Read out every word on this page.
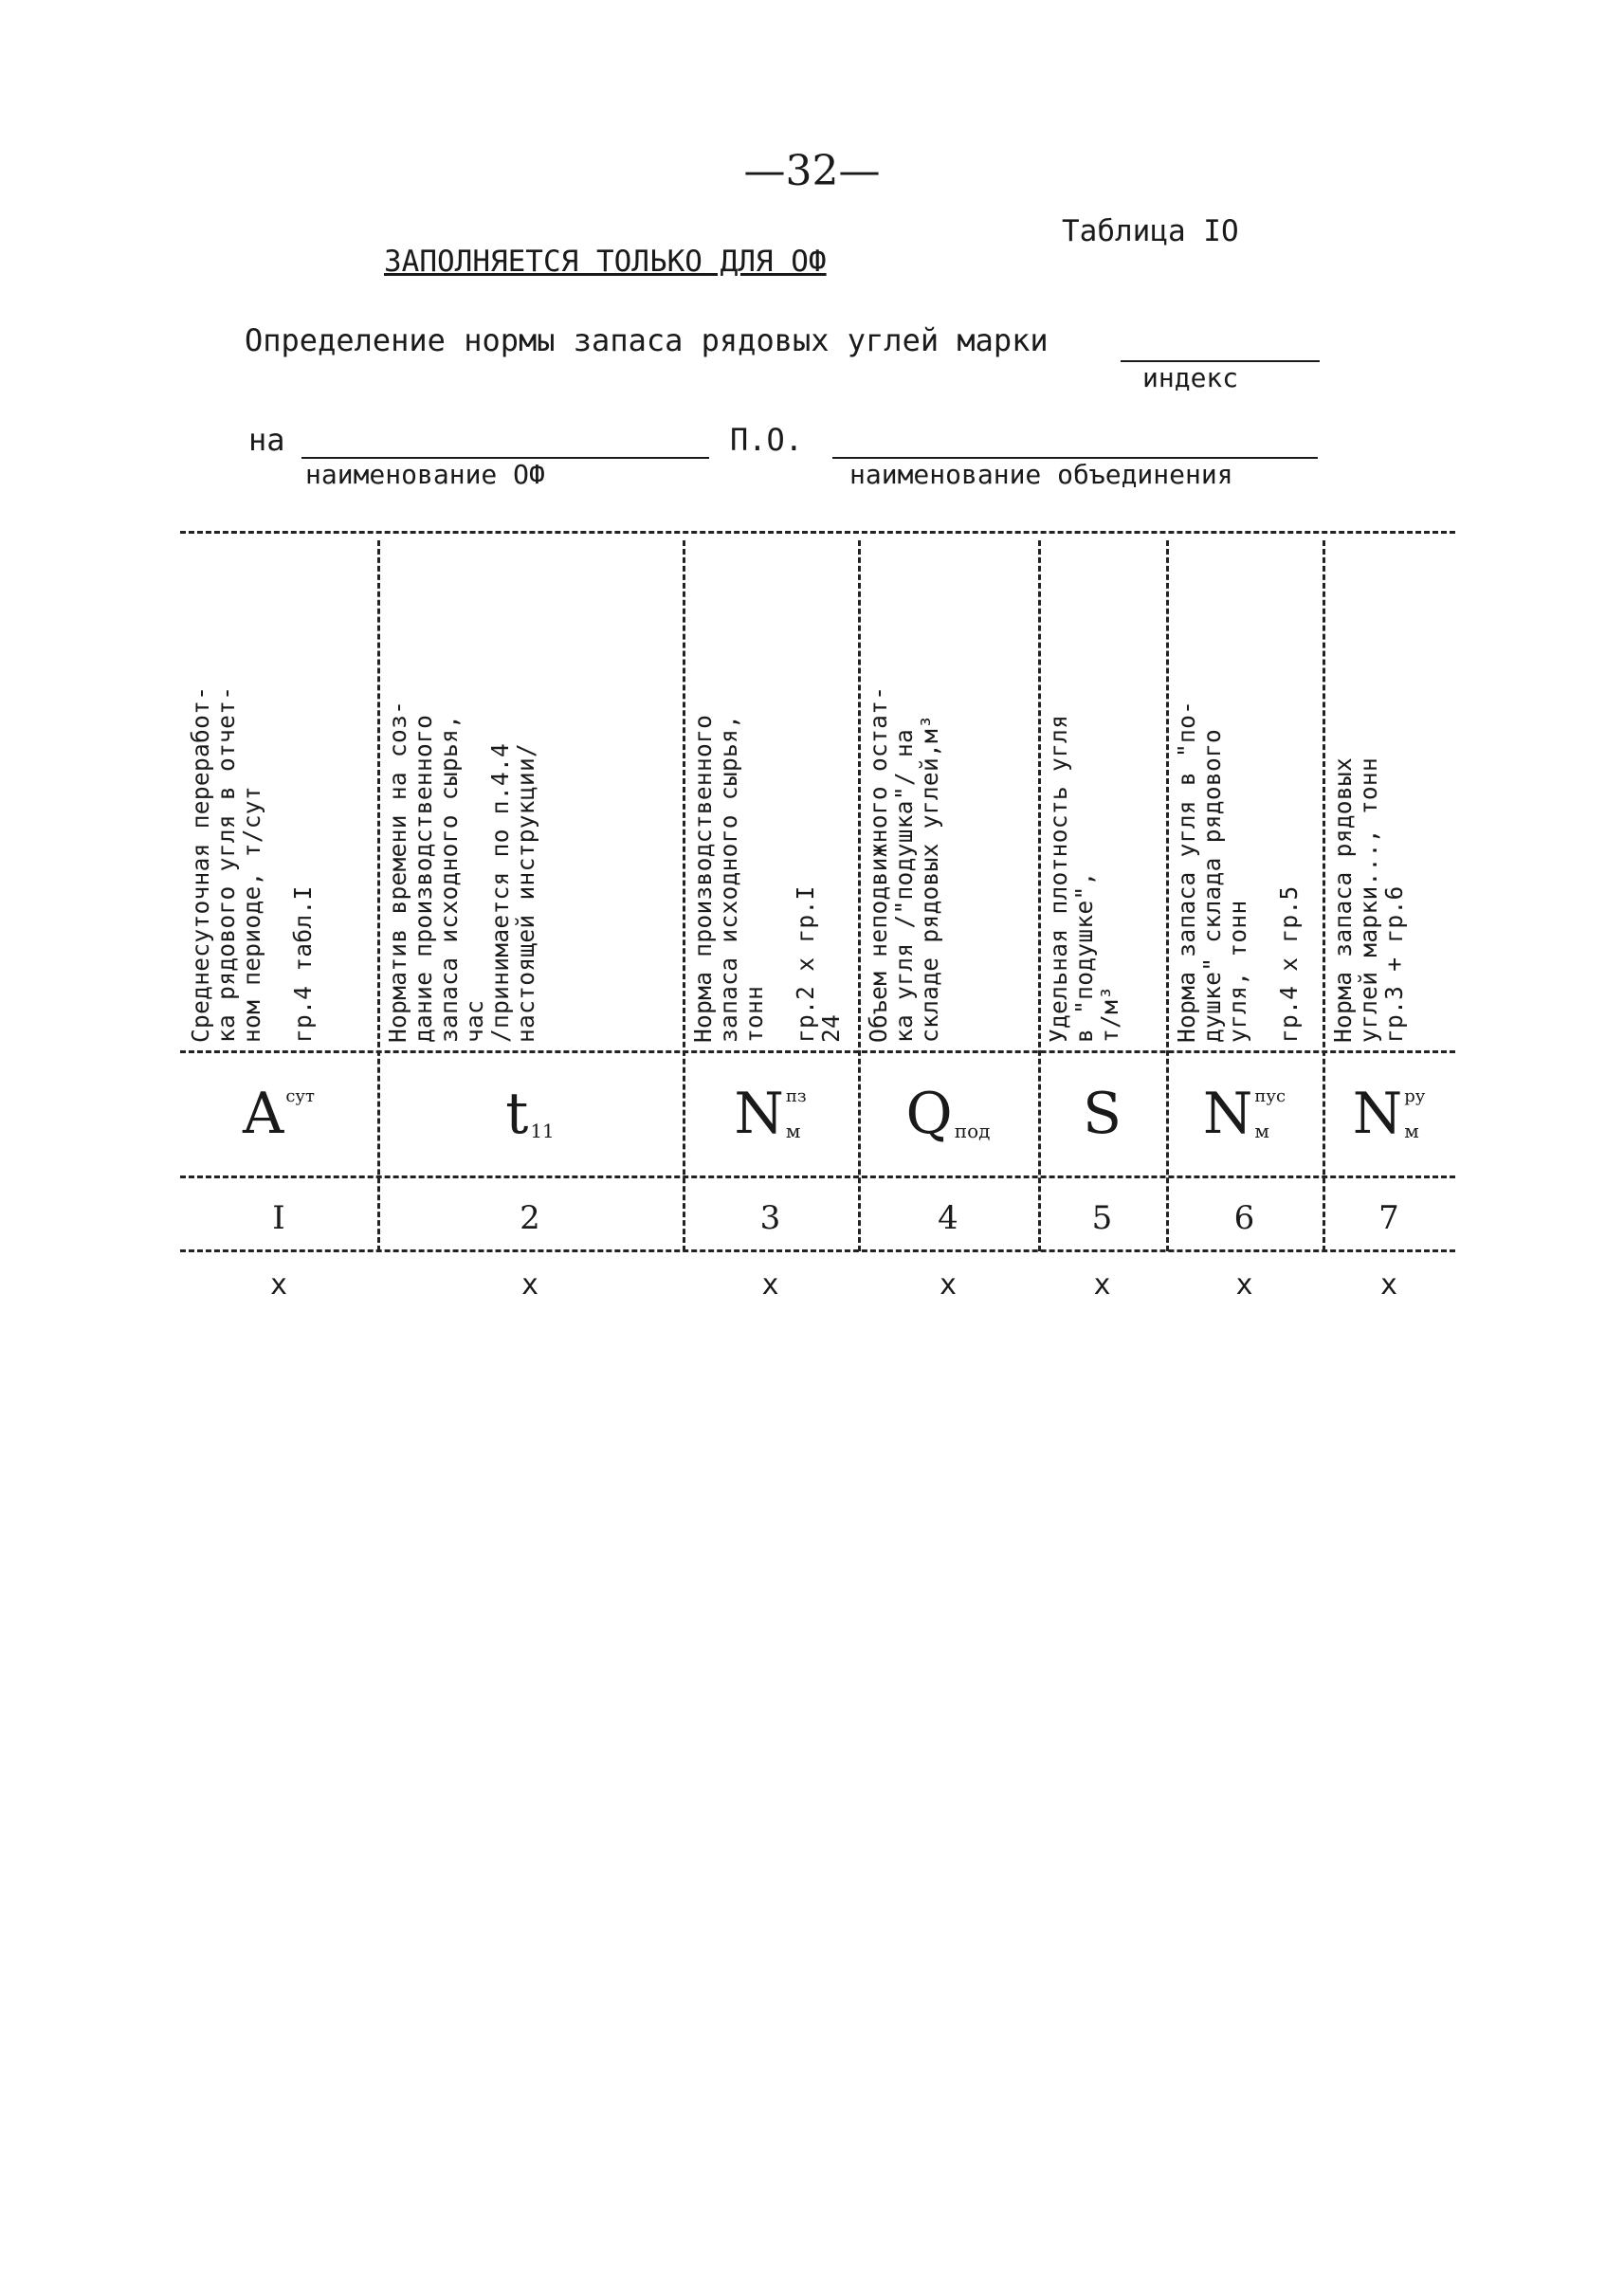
—32—
Таблица IO
ЗАПОЛНЯЕТСЯ ТОЛЬКО ДЛЯ ОФ
Определение нормы запаса рядовых углей марки
индекс
на
наименование ОФ
П.О.
наименование объединения
Среднесуточная переработ-
ка рядового угля в отчет-
ном периоде, т/сут
гр.4 табл.I
A сут

I
x
Норматив времени на соз-
дание производственного
запаса исходного сырья,
час
/принимается по п.4.4
настоящей инструкции/
t
11
2
x
Норма производственного
запаса исходного сырья,
тонн
гр.2 х гр.I
24
N пз
м
3
x
Объем неподвижного остат-
ка угля /"подушка"/ на
складе рядовых углей,м³
Q
под
4
x
Удельная плотность угля
в "подушке",
т/м³
S
5
x
Норма запаса угля в "по-
душке" склада рядового
угля, тонн
гр.4 х гр.5
N пус
м
6
x
Норма запаса рядовых
углей марки..., тонн
гр.3 + гр.6
N ру
м
7
x
